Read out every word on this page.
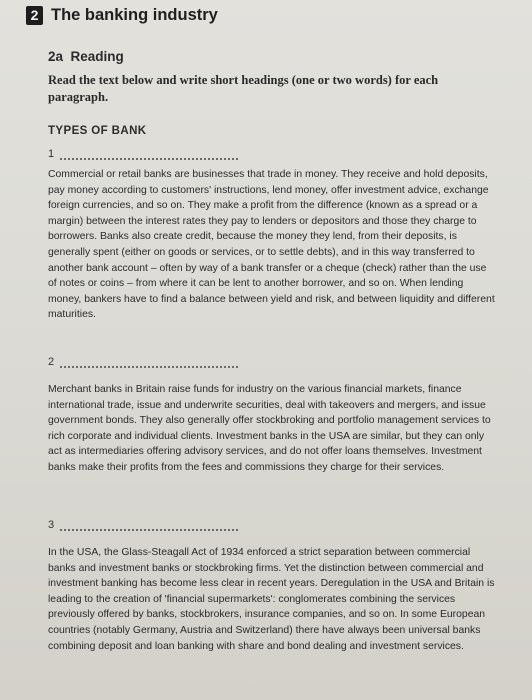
2 The banking industry
2a  Reading
Read the text below and write short headings (one or two words) for each paragraph.
TYPES OF BANK
1

Commercial or retail banks are businesses that trade in money. They receive and hold deposits, pay money according to customers' instructions, lend money, offer investment advice, exchange foreign currencies, and so on. They make a profit from the difference (known as a spread or a margin) between the interest rates they pay to lenders or depositors and those they charge to borrowers. Banks also create credit, because the money they lend, from their deposits, is generally spent (either on goods or services, or to settle debts), and in this way transferred to another bank account – often by way of a bank transfer or a cheque (check) rather than the use of notes or coins – from where it can be lent to another borrower, and so on. When lending money, bankers have to find a balance between yield and risk, and between liquidity and different maturities.

2

Merchant banks in Britain raise funds for industry on the various financial markets, finance international trade, issue and underwrite securities, deal with takeovers and mergers, and issue government bonds. They also generally offer stockbroking and portfolio management services to rich corporate and individual clients. Investment banks in the USA are similar, but they can only act as intermediaries offering advisory services, and do not offer loans themselves. Investment banks make their profits from the fees and commissions they charge for their services.

3

In the USA, the Glass-Steagall Act of 1934 enforced a strict separation between commercial banks and investment banks or stockbroking firms. Yet the distinction between commercial and investment banking has become less clear in recent years. Deregulation in the USA and Britain is leading to the creation of 'financial supermarkets': conglomerates combining the services previously offered by banks, stockbrokers, insurance companies, and so on. In some European countries (notably Germany, Austria and Switzerland) there have always been universal banks combining deposit and loan banking with share and bond dealing and investment services.
